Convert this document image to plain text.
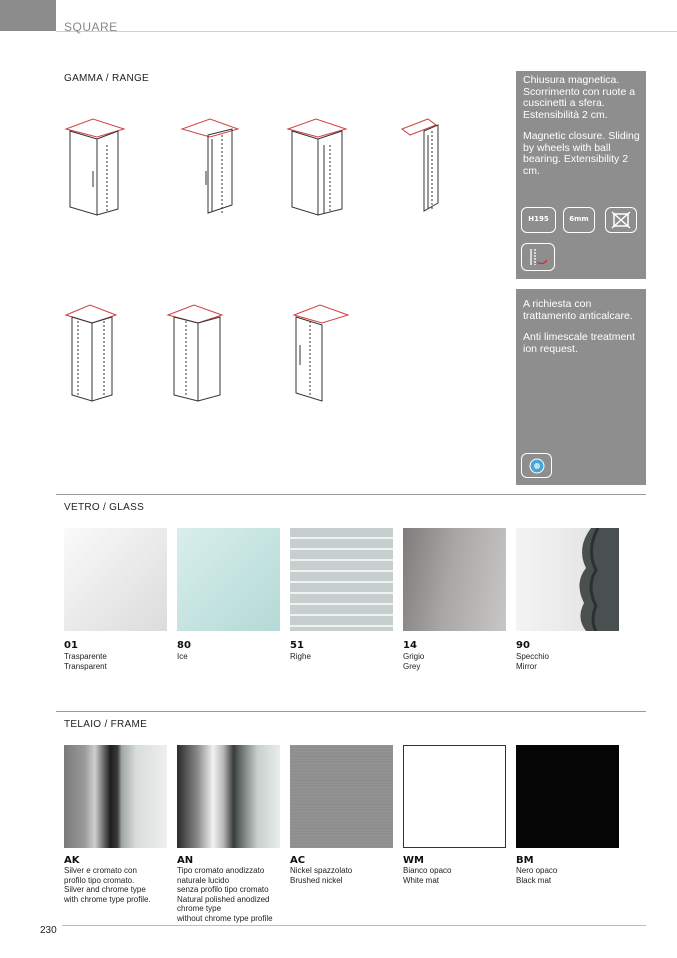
SQUARE
GAMMA / RANGE	Chiusura magnetica. Scorrimento con ruote a cuscinetti a sfera. Estensibilità 2 cm.

Magnetic closure. Sliding by wheels with ball bearing. Extensibility 2 cm.

H195	6mm

A richiesta con trattamento anticalcare.

Anti limescale treatment ion request.

VETRO / GLASS
01
Trasparente
Transparent
80
Ice
51
Righe
14
Grigio
Grey
90
Specchio
Mirror
TELAIO / FRAME
AK
Silver e cromato con
profilo tipo cromato.
Silver and chrome type
with chrome type profile.
AN
Tipo cromato anodizzato
naturale lucido
senza profilo tipo cromato
Natural polished anodized
chrome type
without chrome type profile
AC
Nickel spazzolato
Brushed nickel
WM
Bianco opaco
White mat
BM
Nero opaco
Black mat
230
